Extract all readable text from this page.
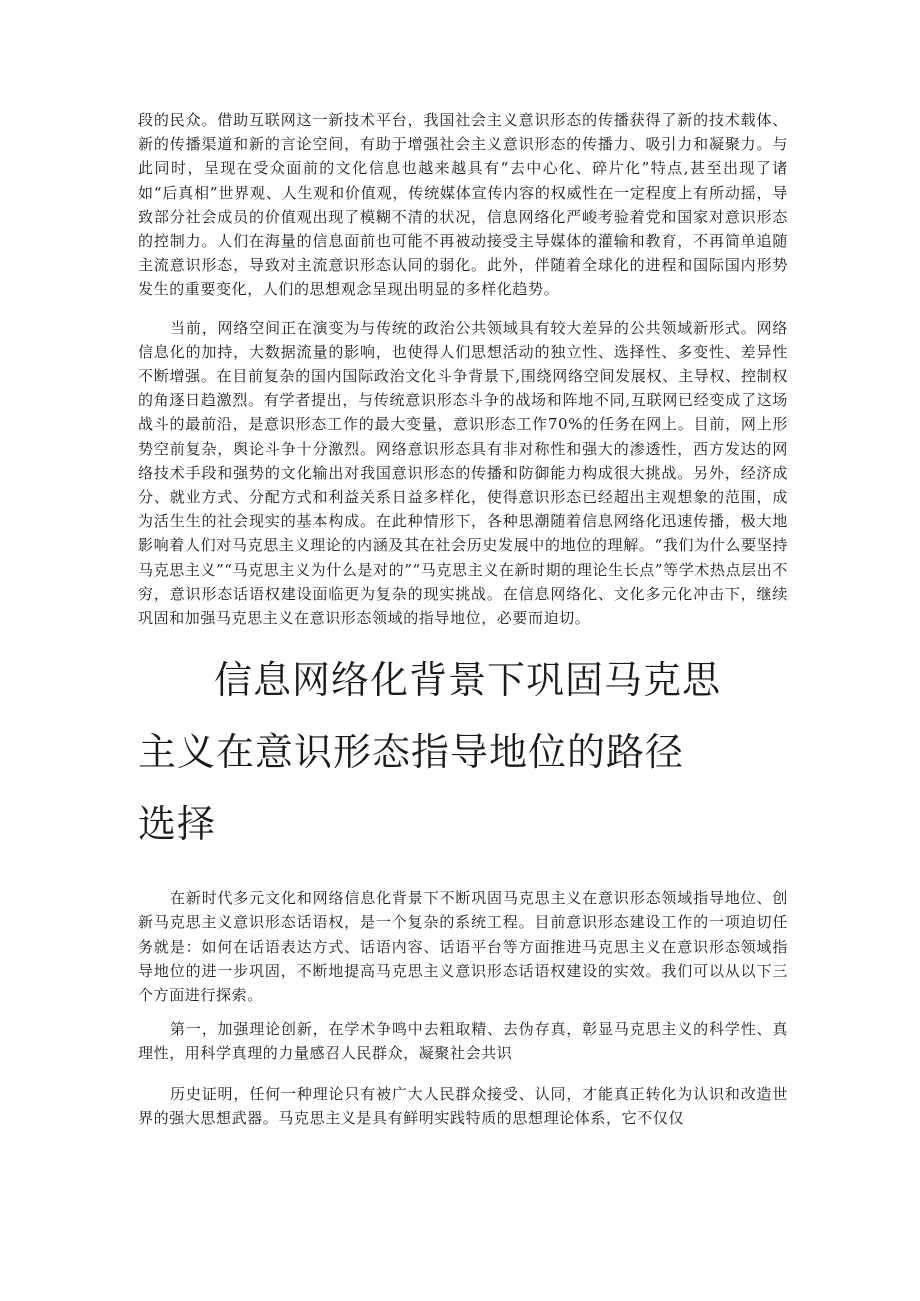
段的民众。借助互联网这一新技术平台，我国社会主义意识形态的传播获得了新的技术载体、新的传播渠道和新的言论空间，有助于增强社会主义意识形态的传播力、吸引力和凝聚力。与此同时，呈现在受众面前的文化信息也越来越具有“去中心化、碎片化”特点,甚至出现了诸如“后真相”世界观、人生观和价值观，传统媒体宣传内容的权威性在一定程度上有所动摇，导致部分社会成员的价值观出现了模糊不清的状况，信息网络化严峻考验着党和国家对意识形态的控制力。人们在海量的信息面前也可能不再被动接受主导媒体的灌输和教育，不再简单追随主流意识形态，导致对主流意识形态认同的弱化。此外，伴随着全球化的进程和国际国内形势发生的重要变化，人们的思想观念呈现出明显的多样化趋势。

当前，网络空间正在演变为与传统的政治公共领域具有较大差异的公共领域新形式。网络信息化的加持，大数据流量的影响，也使得人们思想活动的独立性、选择性、多变性、差异性不断增强。在目前复杂的国内国际政治文化斗争背景下,围绕网络空间发展权、主导权、控制权的角逐日趋激烈。有学者提出，与传统意识形态斗争的战场和阵地不同,互联网已经变成了这场战斗的最前沿，是意识形态工作的最大变量，意识形态工作70%的任务在网上。目前，网上形势空前复杂，舆论斗争十分激烈。网络意识形态具有非对称性和强大的渗透性，西方发达的网络技术手段和强势的文化输出对我国意识形态的传播和防御能力构成很大挑战。另外，经济成分、就业方式、分配方式和利益关系日益多样化，使得意识形态已经超出主观想象的范围，成为活生生的社会现实的基本构成。在此种情形下，各种思潮随着信息网络化迅速传播，极大地影响着人们对马克思主义理论的内涵及其在社会历史发展中的地位的理解。“我们为什么要坚持马克思主义”“马克思主义为什么是对的”“马克思主义在新时期的理论生长点”等学术热点层出不穷，意识形态话语权建设面临更为复杂的现实挑战。在信息网络化、文化多元化冲击下，继续巩固和加强马克思主义在意识形态领域的指导地位，必要而迫切。

信息网络化背景下巩固马克思
主义在意识形态指导地位的路径
选择

在新时代多元文化和网络信息化背景下不断巩固马克思主义在意识形态领域指导地位、创新马克思主义意识形态话语权，是一个复杂的系统工程。目前意识形态建设工作的一项迫切任务就是：如何在话语表达方式、话语内容、话语平台等方面推进马克思主义在意识形态领域指导地位的进一步巩固，不断地提高马克思主义意识形态话语权建设的实效。我们可以从以下三个方面进行探索。

第一，加强理论创新，在学术争鸣中去粗取精、去伪存真，彰显马克思主义的科学性、真理性，用科学真理的力量感召人民群众，凝聚社会共识

历史证明，任何一种理论只有被广大人民群众接受、认同，才能真正转化为认识和改造世界的强大思想武器。马克思主义是具有鲜明实践特质的思想理论体系，它不仅仅
